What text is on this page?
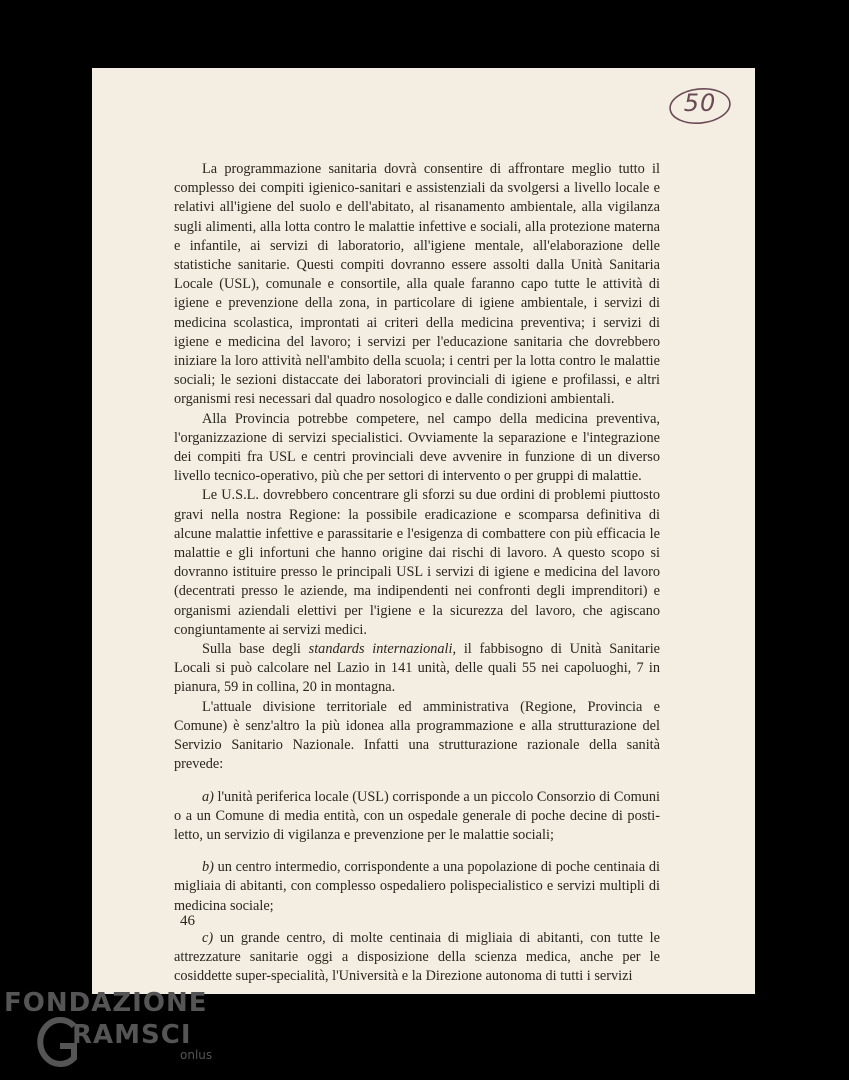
50

La programmazione sanitaria dovrà consentire di affrontare meglio tutto il complesso dei compiti igienico-sanitari e assistenziali da svolgersi a livello locale e relativi all'igiene del suolo e dell'abitato, al risanamento ambientale, alla vigilanza sugli alimenti, alla lotta contro le malattie infettive e sociali, alla protezione materna e infantile, ai servizi di laboratorio, all'igiene mentale, all'elaborazione delle statistiche sanitarie. Questi compiti dovranno essere assolti dalla Unità Sanitaria Locale (USL), comunale e consortile, alla quale faranno capo tutte le attività di igiene e prevenzione della zona, in particolare di igiene ambientale, i servizi di medicina scolastica, improntati ai criteri della medicina preventiva; i servizi di igiene e medicina del lavoro; i servizi per l'educazione sanitaria che dovrebbero iniziare la loro attività nell'ambito della scuola; i centri per la lotta contro le malattie sociali; le sezioni distaccate dei laboratori provinciali di igiene e profilassi, e altri organismi resi necessari dal quadro nosologico e dalle condizioni ambientali.

Alla Provincia potrebbe competere, nel campo della medicina preventiva, l'organizzazione di servizi specialistici. Ovviamente la separazione e l'integrazione dei compiti fra USL e centri provinciali deve avvenire in funzione di un diverso livello tecnico-operativo, più che per settori di intervento o per gruppi di malattie.

Le U.S.L. dovrebbero concentrare gli sforzi su due ordini di problemi piuttosto gravi nella nostra Regione: la possibile eradicazione e scomparsa definitiva di alcune malattie infettive e parassitarie e l'esigenza di combattere con più efficacia le malattie e gli infortuni che hanno origine dai rischi di lavoro. A questo scopo si dovranno istituire presso le principali USL i servizi di igiene e medicina del lavoro (decentrati presso le aziende, ma indipendenti nei confronti degli imprenditori) e organismi aziendali elettivi per l'igiene e la sicurezza del lavoro, che agiscano congiuntamente ai servizi medici.

Sulla base degli standards internazionali, il fabbisogno di Unità Sanitarie Locali si può calcolare nel Lazio in 141 unità, delle quali 55 nei capoluoghi, 7 in pianura, 59 in collina, 20 in montagna.

L'attuale divisione territoriale ed amministrativa (Regione, Provincia e Comune) è senz'altro la più idonea alla programmazione e alla strutturazione del Servizio Sanitario Nazionale. Infatti una strutturazione razionale della sanità prevede:

a) l'unità periferica locale (USL) corrisponde a un piccolo Consorzio di Comuni o a un Comune di media entità, con un ospedale generale di poche decine di posti-letto, un servizio di vigilanza e prevenzione per le malattie sociali;

b) un centro intermedio, corrispondente a una popolazione di poche centinaia di migliaia di abitanti, con complesso ospedaliero polispecialistico e servizi multipli di medicina sociale;

c) un grande centro, di molte centinaia di migliaia di abitanti, con tutte le attrezzature sanitarie oggi a disposizione della scienza medica, anche per le cosiddette super-specialità, l'Università e la Direzione autonoma di tutti i servizi

46
FONDAZIONE
RAMSCI
onlus
